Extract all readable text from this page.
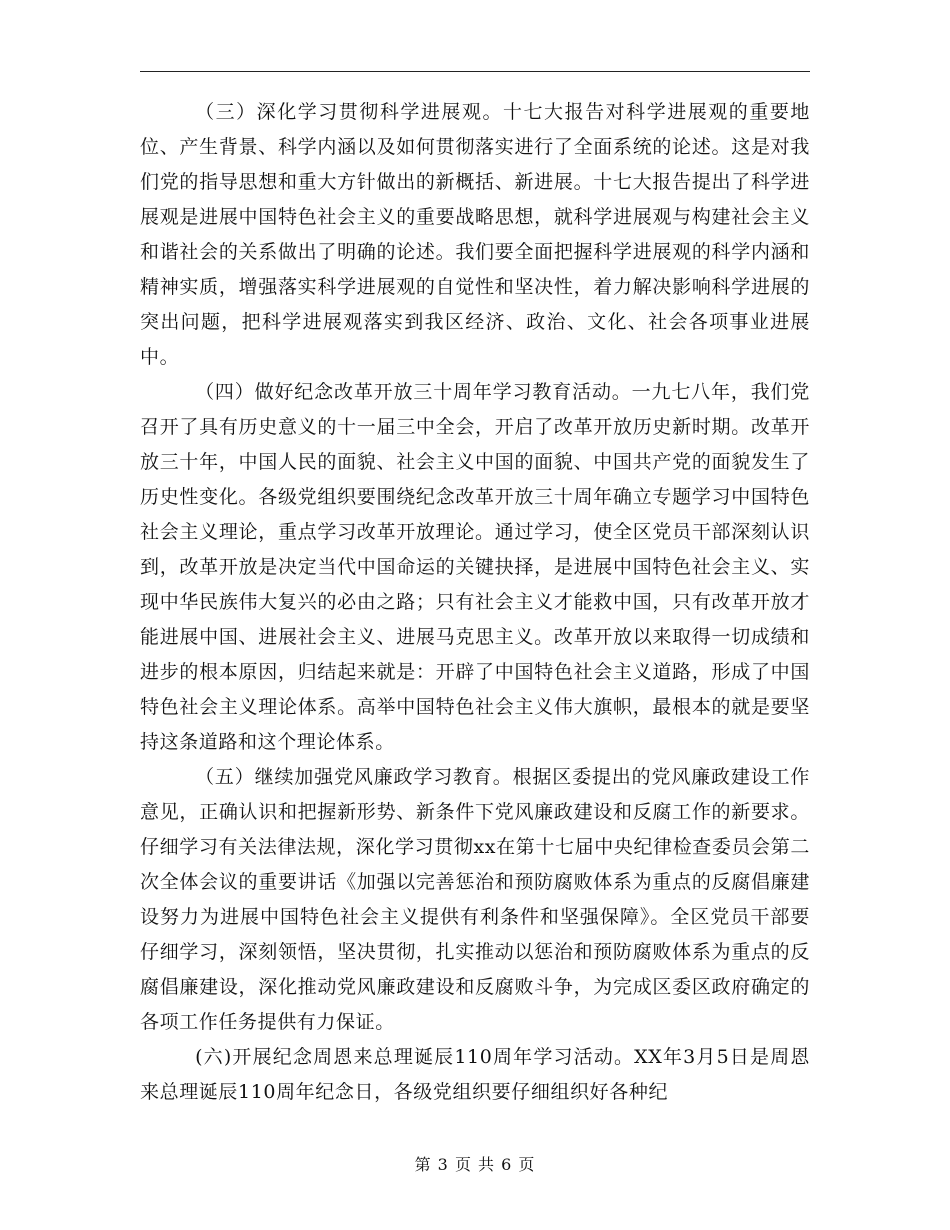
（三）深化学习贯彻科学进展观。十七大报告对科学进展观的重要地位、产生背景、科学内涵以及如何贯彻落实进行了全面系统的论述。这是对我们党的指导思想和重大方针做出的新概括、新进展。十七大报告提出了科学进展观是进展中国特色社会主义的重要战略思想，就科学进展观与构建社会主义和谐社会的关系做出了明确的论述。我们要全面把握科学进展观的科学内涵和精神实质，增强落实科学进展观的自觉性和坚决性，着力解决影响科学进展的突出问题，把科学进展观落实到我区经济、政治、文化、社会各项事业进展中。

（四）做好纪念改革开放三十周年学习教育活动。一九七八年，我们党召开了具有历史意义的十一届三中全会，开启了改革开放历史新时期。改革开放三十年，中国人民的面貌、社会主义中国的面貌、中国共产党的面貌发生了历史性变化。各级党组织要围绕纪念改革开放三十周年确立专题学习中国特色社会主义理论，重点学习改革开放理论。通过学习，使全区党员干部深刻认识到，改革开放是决定当代中国命运的关键抉择，是进展中国特色社会主义、实现中华民族伟大复兴的必由之路；只有社会主义才能救中国，只有改革开放才能进展中国、进展社会主义、进展马克思主义。改革开放以来取得一切成绩和进步的根本原因，归结起来就是：开辟了中国特色社会主义道路，形成了中国特色社会主义理论体系。高举中国特色社会主义伟大旗帜，最根本的就是要坚持这条道路和这个理论体系。

（五）继续加强党风廉政学习教育。根据区委提出的党风廉政建设工作意见，正确认识和把握新形势、新条件下党风廉政建设和反腐工作的新要求。仔细学习有关法律法规，深化学习贯彻xx在第十七届中央纪律检查委员会第二次全体会议的重要讲话《加强以完善惩治和预防腐败体系为重点的反腐倡廉建设努力为进展中国特色社会主义提供有利条件和坚强保障》。全区党员干部要仔细学习，深刻领悟，坚决贯彻，扎实推动以惩治和预防腐败体系为重点的反腐倡廉建设，深化推动党风廉政建设和反腐败斗争，为完成区委区政府确定的各项工作任务提供有力保证。

(六)开展纪念周恩来总理诞辰110周年学习活动。XX年3月5日是周恩来总理诞辰110周年纪念日，各级党组织要仔细组织好各种纪

第 3 页 共 6 页
